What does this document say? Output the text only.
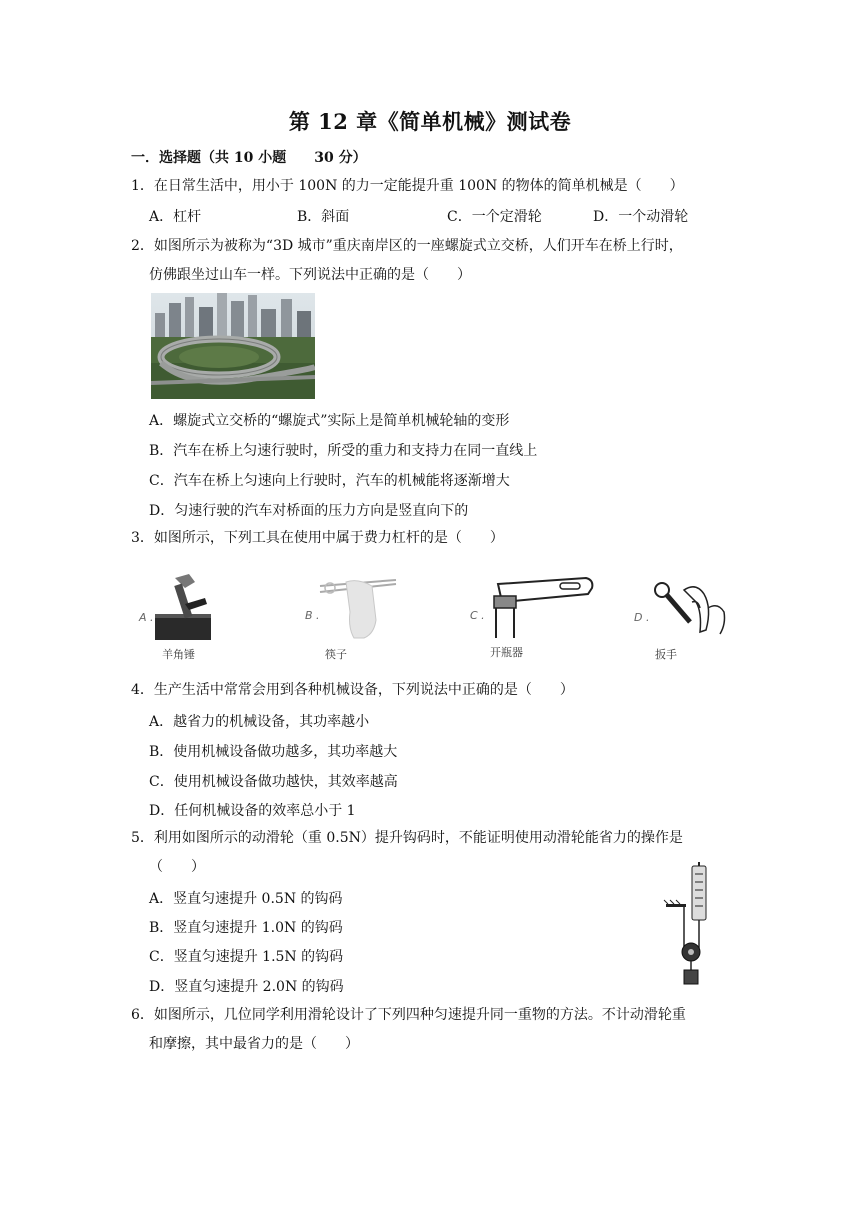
第 12 章《简单机械》测试卷
一．选择题（共 10 小题　　30 分）
1．在日常生活中，用小于 100N 的力一定能提升重 100N 的物体的简单机械是（　　）
A．杠杆	B．斜面	C．一个定滑轮	D．一个动滑轮
2．如图所示为被称为“3D 城市”重庆南岸区的一座螺旋式立交桥，人们开车在桥上行时，
仿佛跟坐过山车一样。下列说法中正确的是（　　）
A．螺旋式立交桥的“螺旋式”实际上是简单机械轮轴的变形
B．汽车在桥上匀速行驶时，所受的重力和支持力在同一直线上
C．汽车在桥上匀速向上行驶时，汽车的机械能将逐渐增大
D．匀速行驶的汽车对桥面的压力方向是竖直向下的
3．如图所示，下列工具在使用中属于费力杠杆的是（　　）
A .
羊角锤
B .
筷子
C .
开瓶器
D .
扳手
4．生产生活中常常会用到各种机械设备，下列说法中正确的是（　　）
A．越省力的机械设备，其功率越小
B．使用机械设备做功越多，其功率越大
C．使用机械设备做功越快，其效率越高
D．任何机械设备的效率总小于 1
5．利用如图所示的动滑轮（重 0.5N）提升钩码时，不能证明使用动滑轮能省力的操作是
（　　）
A．竖直匀速提升 0.5N 的钩码
B．竖直匀速提升 1.0N 的钩码
C．竖直匀速提升 1.5N 的钩码
D．竖直匀速提升 2.0N 的钩码
6．如图所示，几位同学利用滑轮设计了下列四种匀速提升同一重物的方法。不计动滑轮重
和摩擦，其中最省力的是（　　）
